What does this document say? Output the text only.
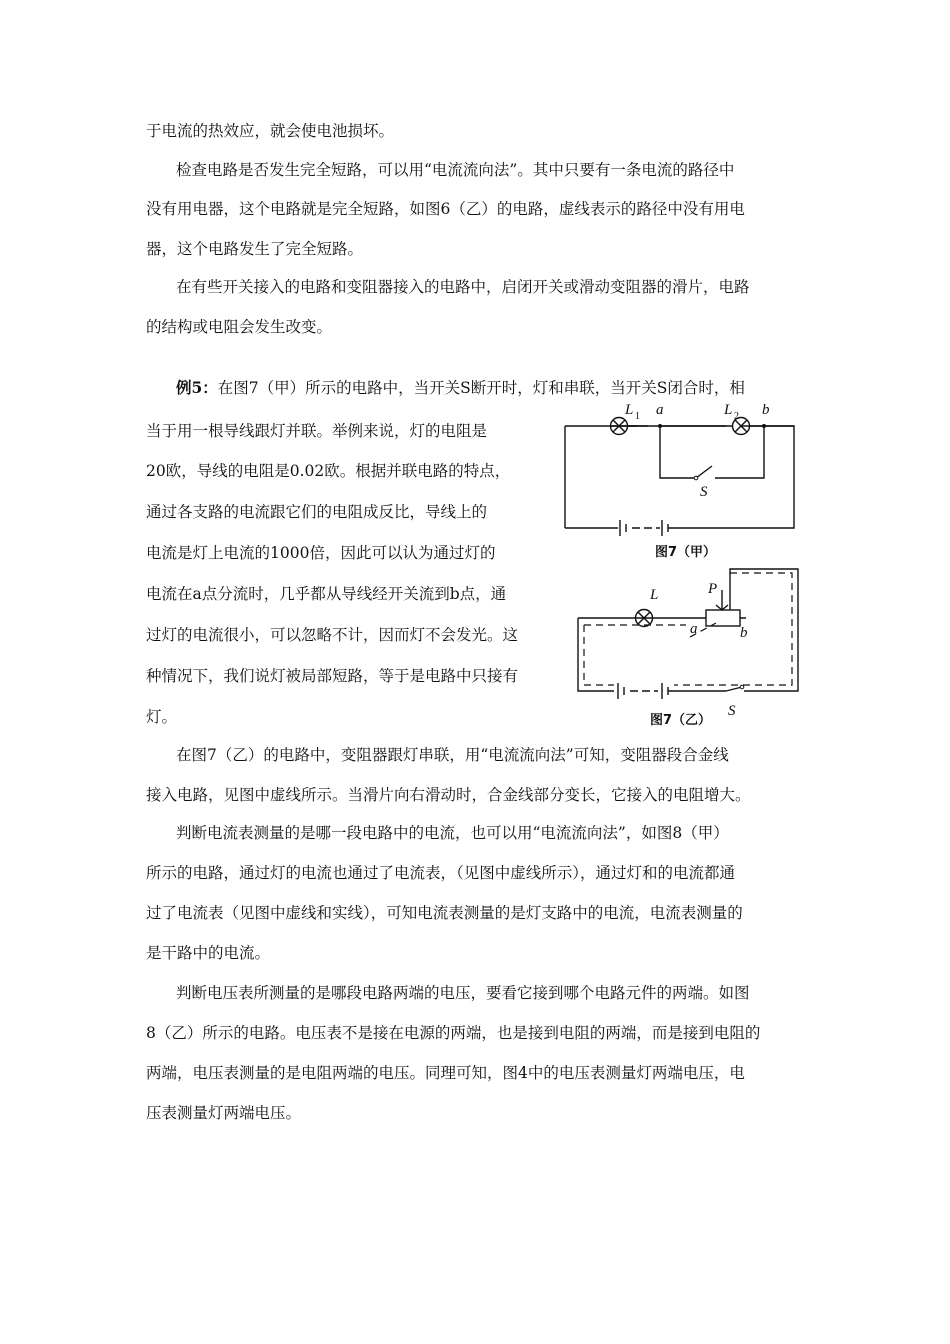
于电流的热效应，就会使电池损坏。
检查电路是否发生完全短路，可以用“电流流向法”。其中只要有一条电流的路径中
没有用电器，这个电路就是完全短路，如图6（乙）的电路，虚线表示的路径中没有用电
器，这个电路发生了完全短路。
在有些开关接入的电路和变阻器接入的电路中，启闭开关或滑动变阻器的滑片，电路
的结构或电阻会发生改变。
例5：在图7（甲）所示的电路中，当开关S断开时，灯和串联，当开关S闭合时，相
当于用一根导线跟灯并联。举例来说，灯的电阻是
20欧，导线的电阻是0.02欧。根据并联电路的特点，
通过各支路的电流跟它们的电阻成反比，导线上的
电流是灯上电流的1000倍，因此可以认为通过灯的
电流在a点分流时，几乎都从导线经开关流到b点，通
过灯的电流很小，可以忽略不计，因而灯不会发光。这
种情况下，我们说灯被局部短路，等于是电路中只接有
灯。
L 1 a	L 2 b
S
图7（甲）
L	P
a	b
S
图7（乙）
在图7（乙）的电路中，变阻器跟灯串联，用“电流流向法”可知，变阻器段合金线
接入电路，见图中虚线所示。当滑片向右滑动时，合金线部分变长，它接入的电阻增大。
判断电流表测量的是哪一段电路中的电流，也可以用“电流流向法”，如图8（甲）
所示的电路，通过灯的电流也通过了电流表，（见图中虚线所示），通过灯和的电流都通
过了电流表（见图中虚线和实线），可知电流表测量的是灯支路中的电流，电流表测量的
是干路中的电流。
判断电压表所测量的是哪段电路两端的电压，要看它接到哪个电路元件的两端。如图
8（乙）所示的电路。电压表不是接在电源的两端，也是接到电阻的两端，而是接到电阻的
两端，电压表测量的是电阻两端的电压。同理可知，图4中的电压表测量灯两端电压，电
压表测量灯两端电压。
